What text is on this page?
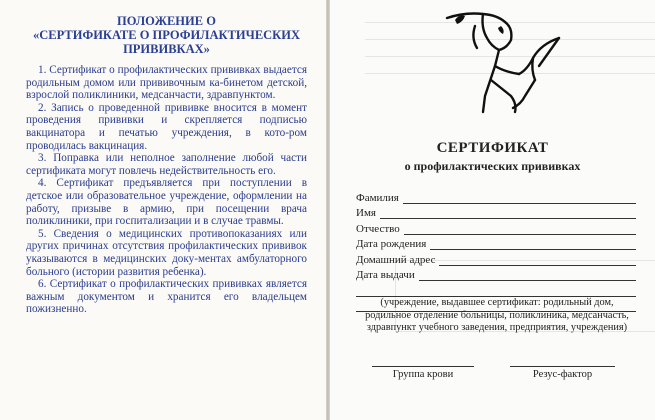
ПОЛОЖЕНИЕ О
«СЕРТИФИКАТЕ О ПРОФИЛАКТИЧЕСКИХ
ПРИВИВКАХ»

1. Сертификат о профилактических прививках выдается родильным домом или прививочным ка-бинетом детской, взрослой поликлиники, медсанчасти, здравпунктом.

2. Запись о проведенной прививке вносится в момент проведения прививки и скрепляется подписью вакцинатора и печатью учреждения, в кото-ром проводилась вакцинация.

3. Поправка или неполное заполнение любой части сертификата могут повлечь недействительность его.

4. Сертификат предъявляется при поступлении в детское или образовательное учреждение, оформлении на работу, призыве в армию, при посещении врача поликлиники, при госпитализации и в случае травмы.

5. Сведения о медицинских противопоказаниях или других причинах отсутствия профилактических прививок указываются в медицинских доку-ментах амбулаторного больного (истории развития ребенка).

6. Сертификат о профилактических прививках является важным документом и хранится его владельцем пожизненно.

СЕРТИФИКАТ
о профилактических прививках
Фамилия
Имя
Отчество
Дата рождения
Домашний адрес
Дата выдачи
(учреждение, выдавшее сертификат: родильный дом, родильное отделение больницы, поликлиника, медсанчасть, здравпункт учебного заведения, предприятия, учреждения)
Группа крови	Резус-фактор
